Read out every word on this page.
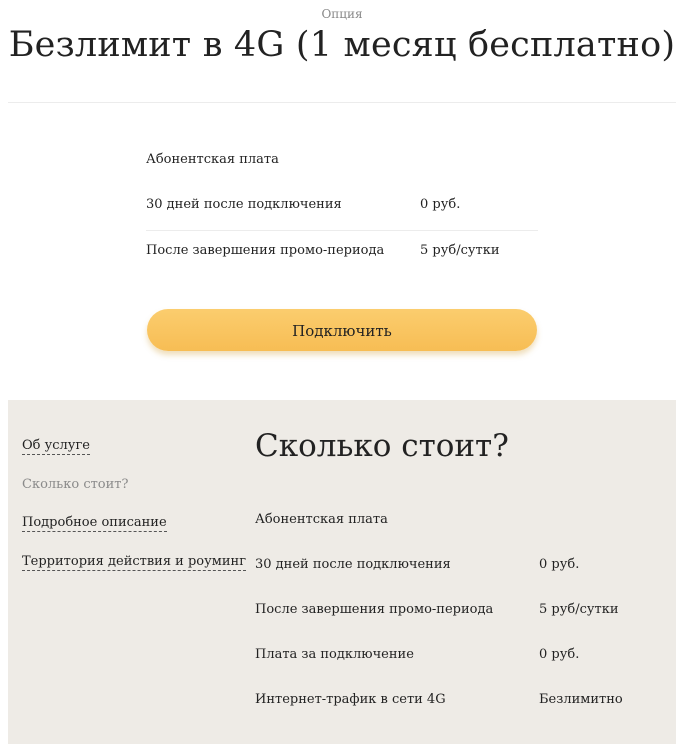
Опция
Безлимит в 4G (1 месяц бесплатно)
Абонентская плата
30 дней после подключения	0 руб.
После завершения промо-периода	5 руб/сутки
Подключить
Об услуге
Сколько стоит?
Подробное описание
Территория действия и роуминг
Сколько стоит?
Абонентская плата
30 дней после подключения	0 руб.
После завершения промо-периода	5 руб/сутки
Плата за подключение	0 руб.
Интернет-трафик в сети 4G	Безлимитно
